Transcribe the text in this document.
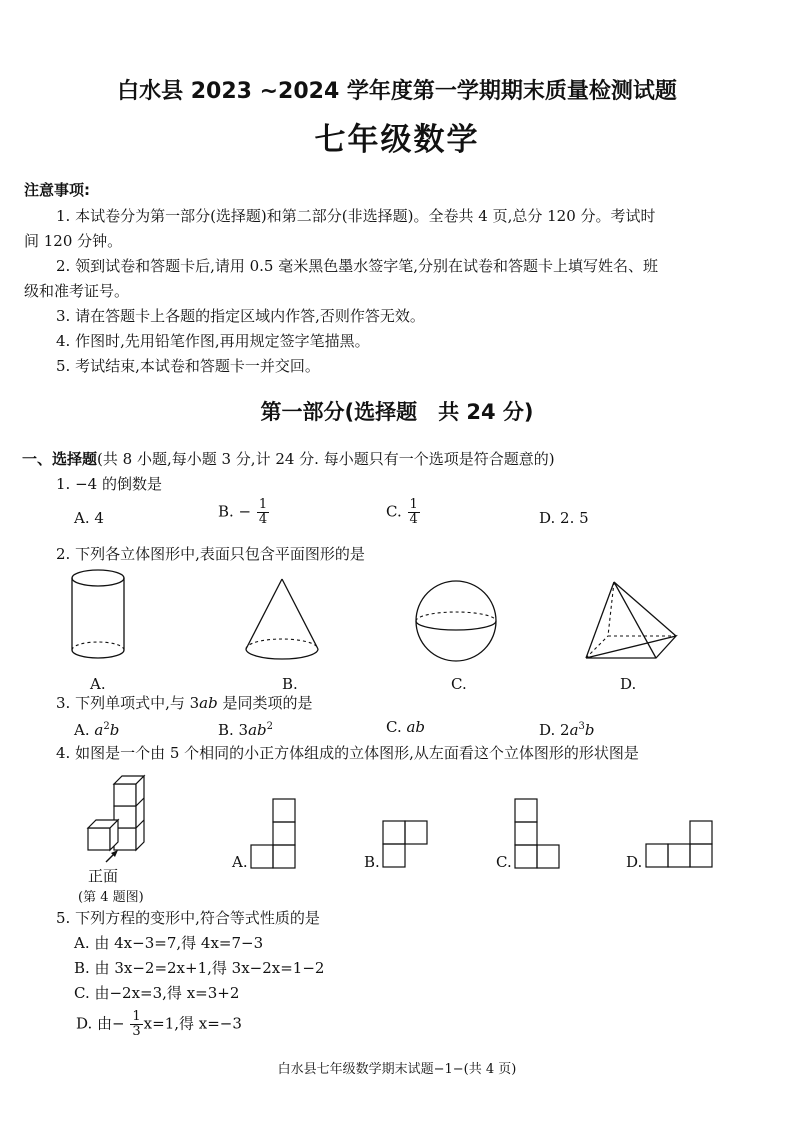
白水县 2023 ~2024 学年度第一学期期末质量检测试题
七年级数学
注意事项:
1. 本试卷分为第一部分(选择题)和第二部分(非选择题)。全卷共 4 页,总分 120 分。考试时
间 120 分钟。
2. 领到试卷和答题卡后,请用 0.5 毫米黑色墨水签字笔,分别在试卷和答题卡上填写姓名、班
级和准考证号。
3. 请在答题卡上各题的指定区域内作答,否则作答无效。
4. 作图时,先用铅笔作图,再用规定签字笔描黑。
5. 考试结束,本试卷和答题卡一并交回。
第一部分(选择题　共 24 分)
一、选择题(共 8 小题,每小题 3 分,计 24 分. 每小题只有一个选项是符合题意的)
1. −4 的倒数是
A. 4	B. − $\frac{1}{4}$	C. $\frac{1}{4}$	D. 2. 5
2. 下列各立体图形中,表面只包含平面图形的是
A.	B.	C.	D.
3. 下列单项式中,与 3ab 是同类项的是
A. $a^2b$	B. $3ab^2$	C. ab	D. $2a^3b$
4. 如图是一个由 5 个相同的小正方体组成的立体图形,从左面看这个立体图形的形状图是
正面
(第 4 题图)
A.	B.	C.	D.
5. 下列方程的变形中,符合等式性质的是
A. 由 4x−3=7,得 4x=7−3
B. 由 3x−2=2x+1,得 3x−2x=1−2
C. 由−2x=3,得 x=3+2
D. 由− $\frac{1}{3} x=1$,得 x=−3
白水县七年级数学期末试题−1−(共 4 页)
